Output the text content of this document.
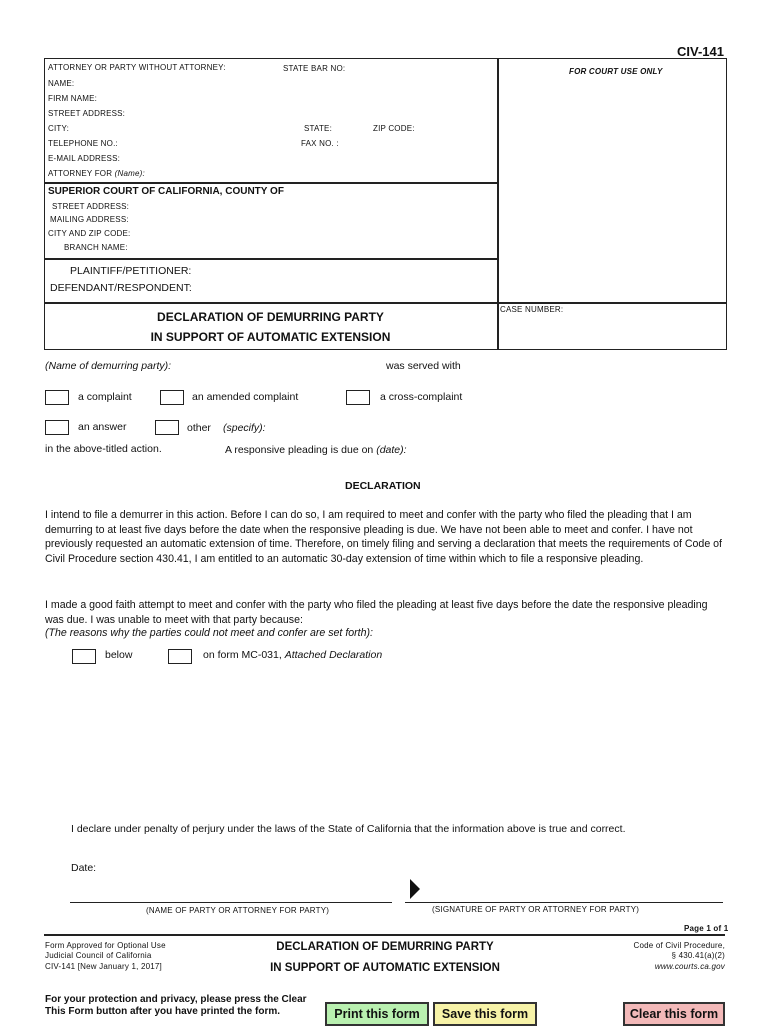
CIV-141
ATTORNEY OR PARTY WITHOUT ATTORNEY:	STATE BAR NO:	FOR COURT USE ONLY
NAME:
FIRM NAME:
STREET ADDRESS:
CITY:	STATE:	ZIP CODE:
TELEPHONE NO.:	FAX NO. :
E-MAIL ADDRESS:
ATTORNEY FOR (Name):
SUPERIOR COURT OF CALIFORNIA, COUNTY OF
STREET ADDRESS:
MAILING ADDRESS:
CITY AND ZIP CODE:
BRANCH NAME:
PLAINTIFF/PETITIONER:
DEFENDANT/RESPONDENT:
DECLARATION OF DEMURRING PARTY
IN SUPPORT OF AUTOMATIC EXTENSION
CASE NUMBER:
(Name of demurring party):	was served with
a complaint	an amended complaint	a cross-complaint
an answer	other (specify):
in the above-titled action.	A responsive pleading is due on (date):
DECLARATION
I intend to file a demurrer in this action. Before I can do so, I am required to meet and confer with the party who filed the pleading that I am demurring to at least five days before the date when the responsive pleading is due. We have not been able to meet and confer. I have not previously requested an automatic extension of time. Therefore, on timely filing and serving a declaration that meets the requirements of Code of Civil Procedure section 430.41, I am entitled to an automatic 30-day extension of time within which to file a responsive pleading.
I made a good faith attempt to meet and confer with the party who filed the pleading at least five days before the date the responsive pleading was due. I was unable to meet with that party because:
(The reasons why the parties could not meet and confer are set forth):
below	on form MC-031, Attached Declaration
I declare under penalty of perjury under the laws of the State of California that the information above is true and correct.
Date:
(NAME OF PARTY OR ATTORNEY FOR PARTY)	(SIGNATURE OF PARTY OR ATTORNEY FOR PARTY)
Page 1 of 1
Form Approved for Optional Use
Judicial Council of California
CIV-141 [New January 1, 2017]
DECLARATION OF DEMURRING PARTY
IN SUPPORT OF AUTOMATIC EXTENSION
Code of Civil Procedure,
§ 430.41(a)(2)
www.courts.ca.gov
For your protection and privacy, please press the Clear
This Form button after you have printed the form.	Print this form	Save this form	Clear this form
